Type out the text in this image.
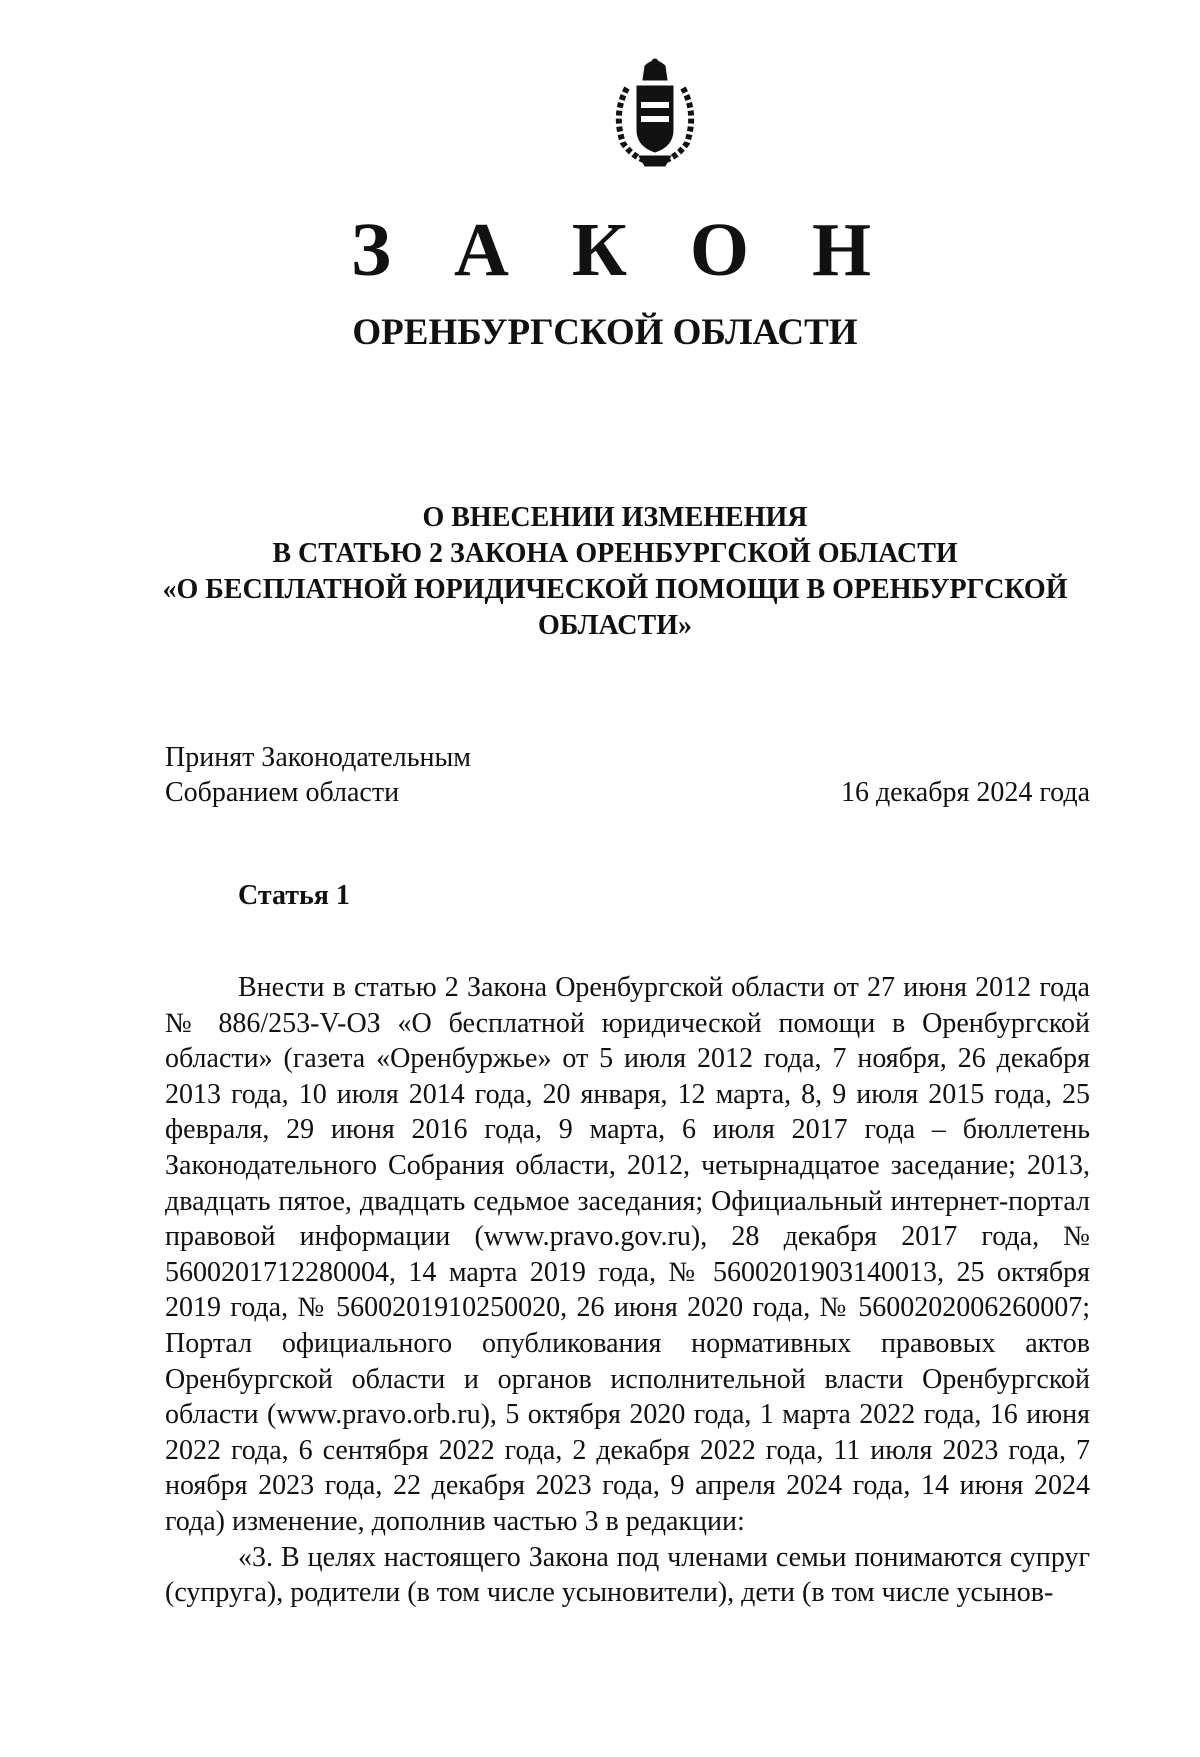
З А К О Н
ОРЕНБУРГСКОЙ ОБЛАСТИ
О ВНЕСЕНИИ ИЗМЕНЕНИЯ
В СТАТЬЮ 2 ЗАКОНА ОРЕНБУРГСКОЙ ОБЛАСТИ
«О БЕСПЛАТНОЙ ЮРИДИЧЕСКОЙ ПОМОЩИ В ОРЕНБУРГСКОЙ
ОБЛАСТИ»
Принят Законодательным
Собранием области	16 декабря 2024 года
Статья 1

Внести в статью 2 Закона Оренбургской области от 27 июня 2012 года № 886/253-V-ОЗ «О бесплатной юридической помощи в Оренбургской области» (газета «Оренбуржье» от 5 июля 2012 года, 7 ноября, 26 декабря 2013 года, 10 июля 2014 года, 20 января, 12 марта, 8, 9 июля 2015 года, 25 февраля, 29 июня 2016 года, 9 марта, 6 июля 2017 года – бюллетень Законодательного Собрания области, 2012, четырнадцатое заседание; 2013, двадцать пятое, двадцать седьмое заседания; Официальный интернет-портал правовой информации (www.pravo.gov.ru), 28 декабря 2017 года, № 5600201712280004, 14 марта 2019 года, № 5600201903140013, 25 октября 2019 года, № 5600201910250020, 26 июня 2020 года, № 5600202006260007; Портал официального опубликования нормативных правовых актов Оренбургской области и органов исполнительной власти Оренбургской области (www.pravo.orb.ru), 5 октября 2020 года, 1 марта 2022 года, 16 июня 2022 года, 6 сентября 2022 года, 2 декабря 2022 года, 11 июля 2023 года, 7 ноября 2023 года, 22 декабря 2023 года, 9 апреля 2024 года, 14 июня 2024 года) изменение, дополнив частью 3 в редакции:

«3. В целях настоящего Закона под членами семьи понимаются супруг (супруга), родители (в том числе усыновители), дети (в том числе усынов-
